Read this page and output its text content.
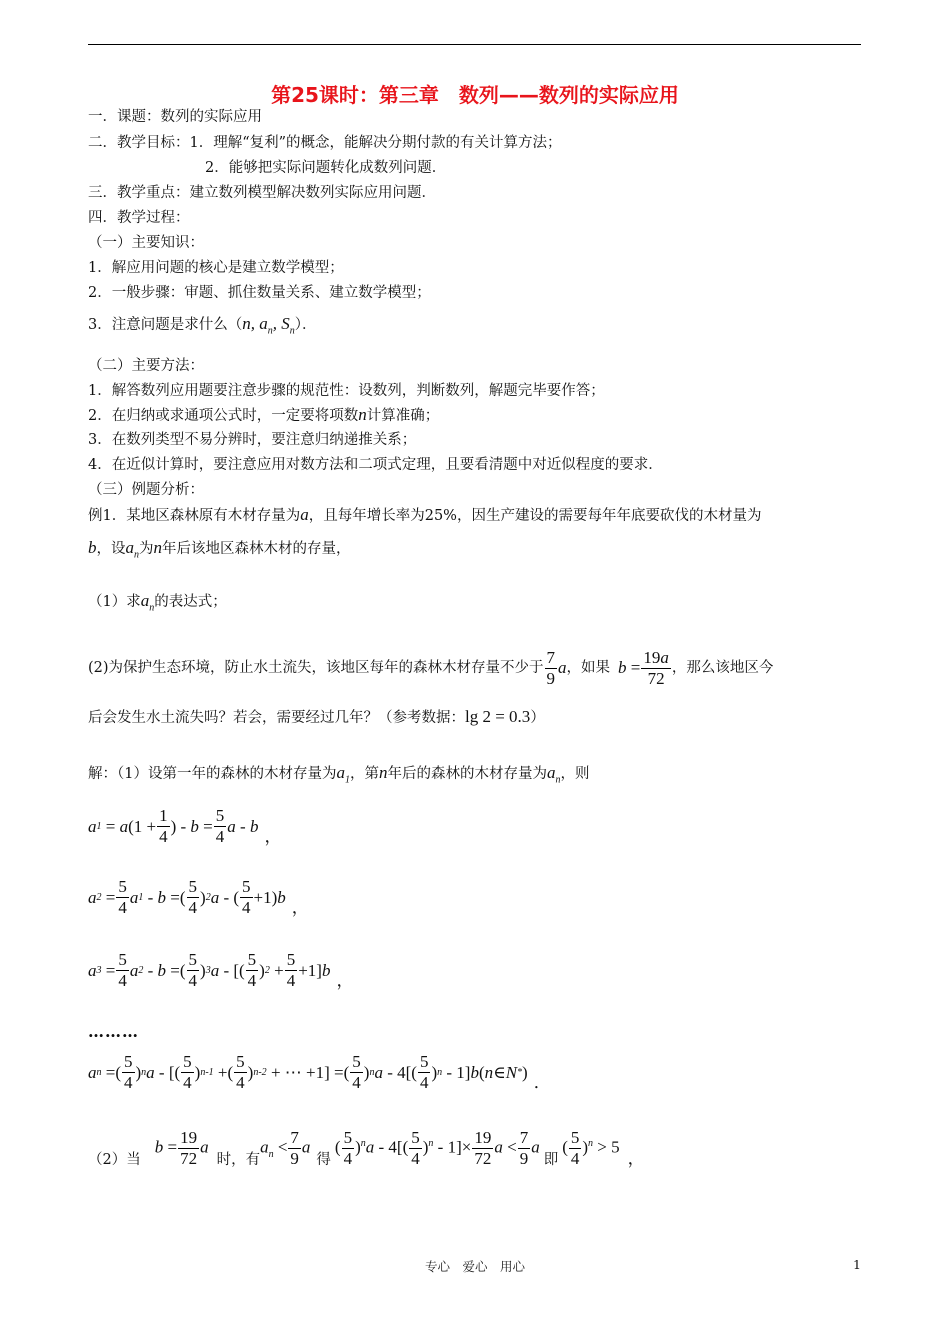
第25课时：第三章　数列——数列的实际应用
一．课题：数列的实际应用
二．教学目标：1．理解“复利”的概念，能解决分期付款的有关计算方法；
2．能够把实际问题转化成数列问题．
三．教学重点：建立数列模型解决数列实际应用问题．
四．教学过程：
（一）主要知识：
1．解应用问题的核心是建立数学模型；
2．一般步骤：审题、抓住数量关系、建立数学模型；
3．注意问题是求什么（n, $a_n$, $S_n$）．
（二）主要方法：
1．解答数列应用题要注意步骤的规范性：设数列，判断数列，解题完毕要作答；
2．在归纳或求通项公式时，一定要将项数n计算准确；
3．在数列类型不易分辨时，要注意归纳递推关系；
4．在近似计算时，要注意应用对数方法和二项式定理，且要看清题中对近似程度的要求．
（三）例题分析：
例1．某地区森林原有木材存量为a，且每年增长率为25%，因生产建设的需要每年年底要砍伐的木材量为
b，设$a_n$为n年后该地区森林木材的存量，
（1）求$a_n$的表达式；
(2)为保护生态环境，防止水土流失，该地区每年的森林木材存量不少于 $\frac{7}{9}$ a ，如果 $b = \frac{19a}{72}$ ，那么该地区今
后会发生水土流失吗？若会，需要经过几年？（参考数据：lg 2 = 0.3）
解：（1）设第一年的森林的木材存量为$a_1$，第n年后的森林的木材存量为$a_n$，则
a 1 = a ($1 + \frac{1}{4}$ ) - $b = \frac{5}{4}$ a - b
，
a $2 = \frac{5}{4}$ a 1 - b =( $\frac{5}{4}$ ) 2 a - ( $\frac{5}{4} +1$) b
，
a $3 = \frac{5}{4}$ a 2 - b =( $\frac{5}{4}$ ) 3 a - [( $\frac{5}{4}$ ) $2 + \frac{5}{4} +1$] b
，
………
a n =( $\frac{5}{4}$ ) n a - [( $\frac{5}{4}$ ) n-1 +( $\frac{5}{4}$ ) n-2 + ⋯ +1] =( $\frac{5}{4}$ ) n a - $4[( \frac{5}{4}$ ) n - 1] b ( n ∈ N * )
．
（2）当
$b = \frac{19}{72}$ a
时，有
$a_n < \frac{7}{9}$ a
得
( $\frac{5}{4} )^na - 4[( \frac{5}{4} )^n - 1]\times \frac{19}{72}$ $a < \frac{7}{9}$ a
即
( $\frac{5}{4} )^n > 5$
，
专心　爱心　用心	1
